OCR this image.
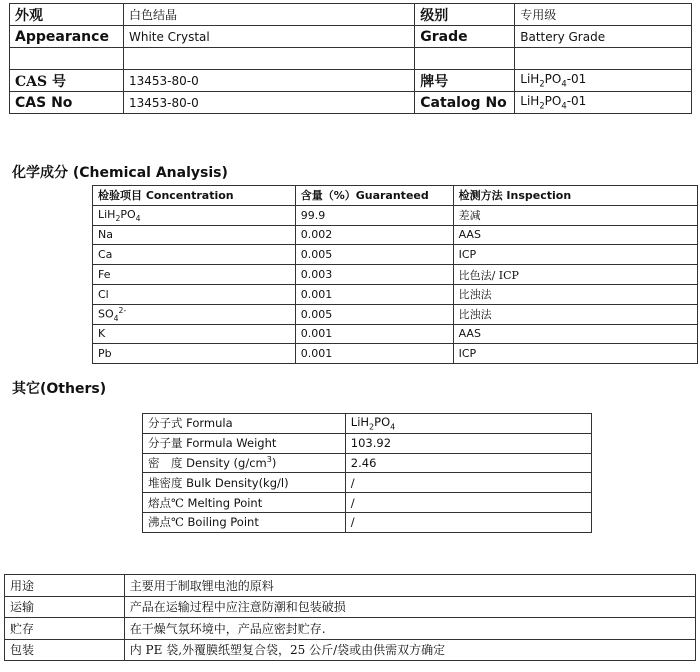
外观	白色结晶	级别	专用级
Appearance	White Crystal	Grade	Battery Grade

CAS 号	13453-80-0	牌号	$LiH_2PO_4-01$
CAS No	13453-80-0	Catalog No	$LiH_2PO_4-01$
化学成分 (Chemical Analysis)
检验项目 Concentration	含量（%）Guaranteed	检测方法 Inspection
$LiH_2PO_4$	99.9	差减
Na	0.002	AAS
Ca	0.005	ICP
Fe	0.003	比色法/ ICP
Cl	0.001	比浊法
$SO_4^{2-}$	0.005	比浊法
K	0.001	AAS
Pb	0.001	ICP
其它(Others)
分子式 Formula	$LiH_2PO_4$
分子量 Formula Weight	103.92
密　度 Density $(g/cm^3)$	2.46
堆密度 Bulk Density(kg/l)	/
熔点℃ Melting Point	/
沸点℃ Boiling Point	/
用途	主要用于制取锂电池的原料
运输	产品在运输过程中应注意防潮和包装破损
贮存	在干燥气氛环境中，产品应密封贮存.
包装	内 PE 袋,外覆膜纸塑复合袋，25 公斤/袋或由供需双方确定
